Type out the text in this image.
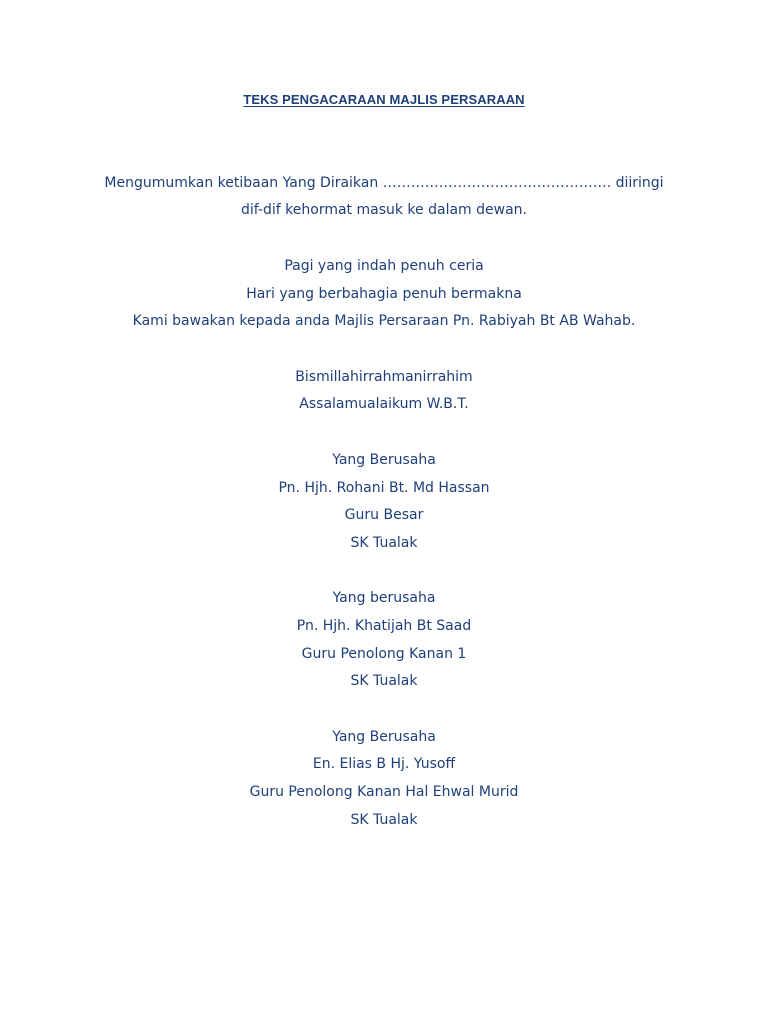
TEKS PENGACARAAN MAJLIS PERSARAAN
Mengumumkan ketibaan Yang Diraikan …………………………………………. diiringi
dif-dif kehormat masuk ke dalam dewan.
Pagi yang indah penuh ceria
Hari yang berbahagia penuh bermakna
Kami bawakan kepada anda Majlis Persaraan Pn. Rabiyah Bt AB Wahab.
Bismillahirrahmanirrahim
Assalamualaikum W.B.T.
Yang Berusaha
Pn. Hjh. Rohani Bt. Md Hassan
Guru Besar
SK Tualak
Yang berusaha
Pn. Hjh. Khatijah Bt Saad
Guru Penolong Kanan 1
SK Tualak
Yang Berusaha
En. Elias B Hj. Yusoff
Guru Penolong Kanan Hal Ehwal Murid
SK Tualak
